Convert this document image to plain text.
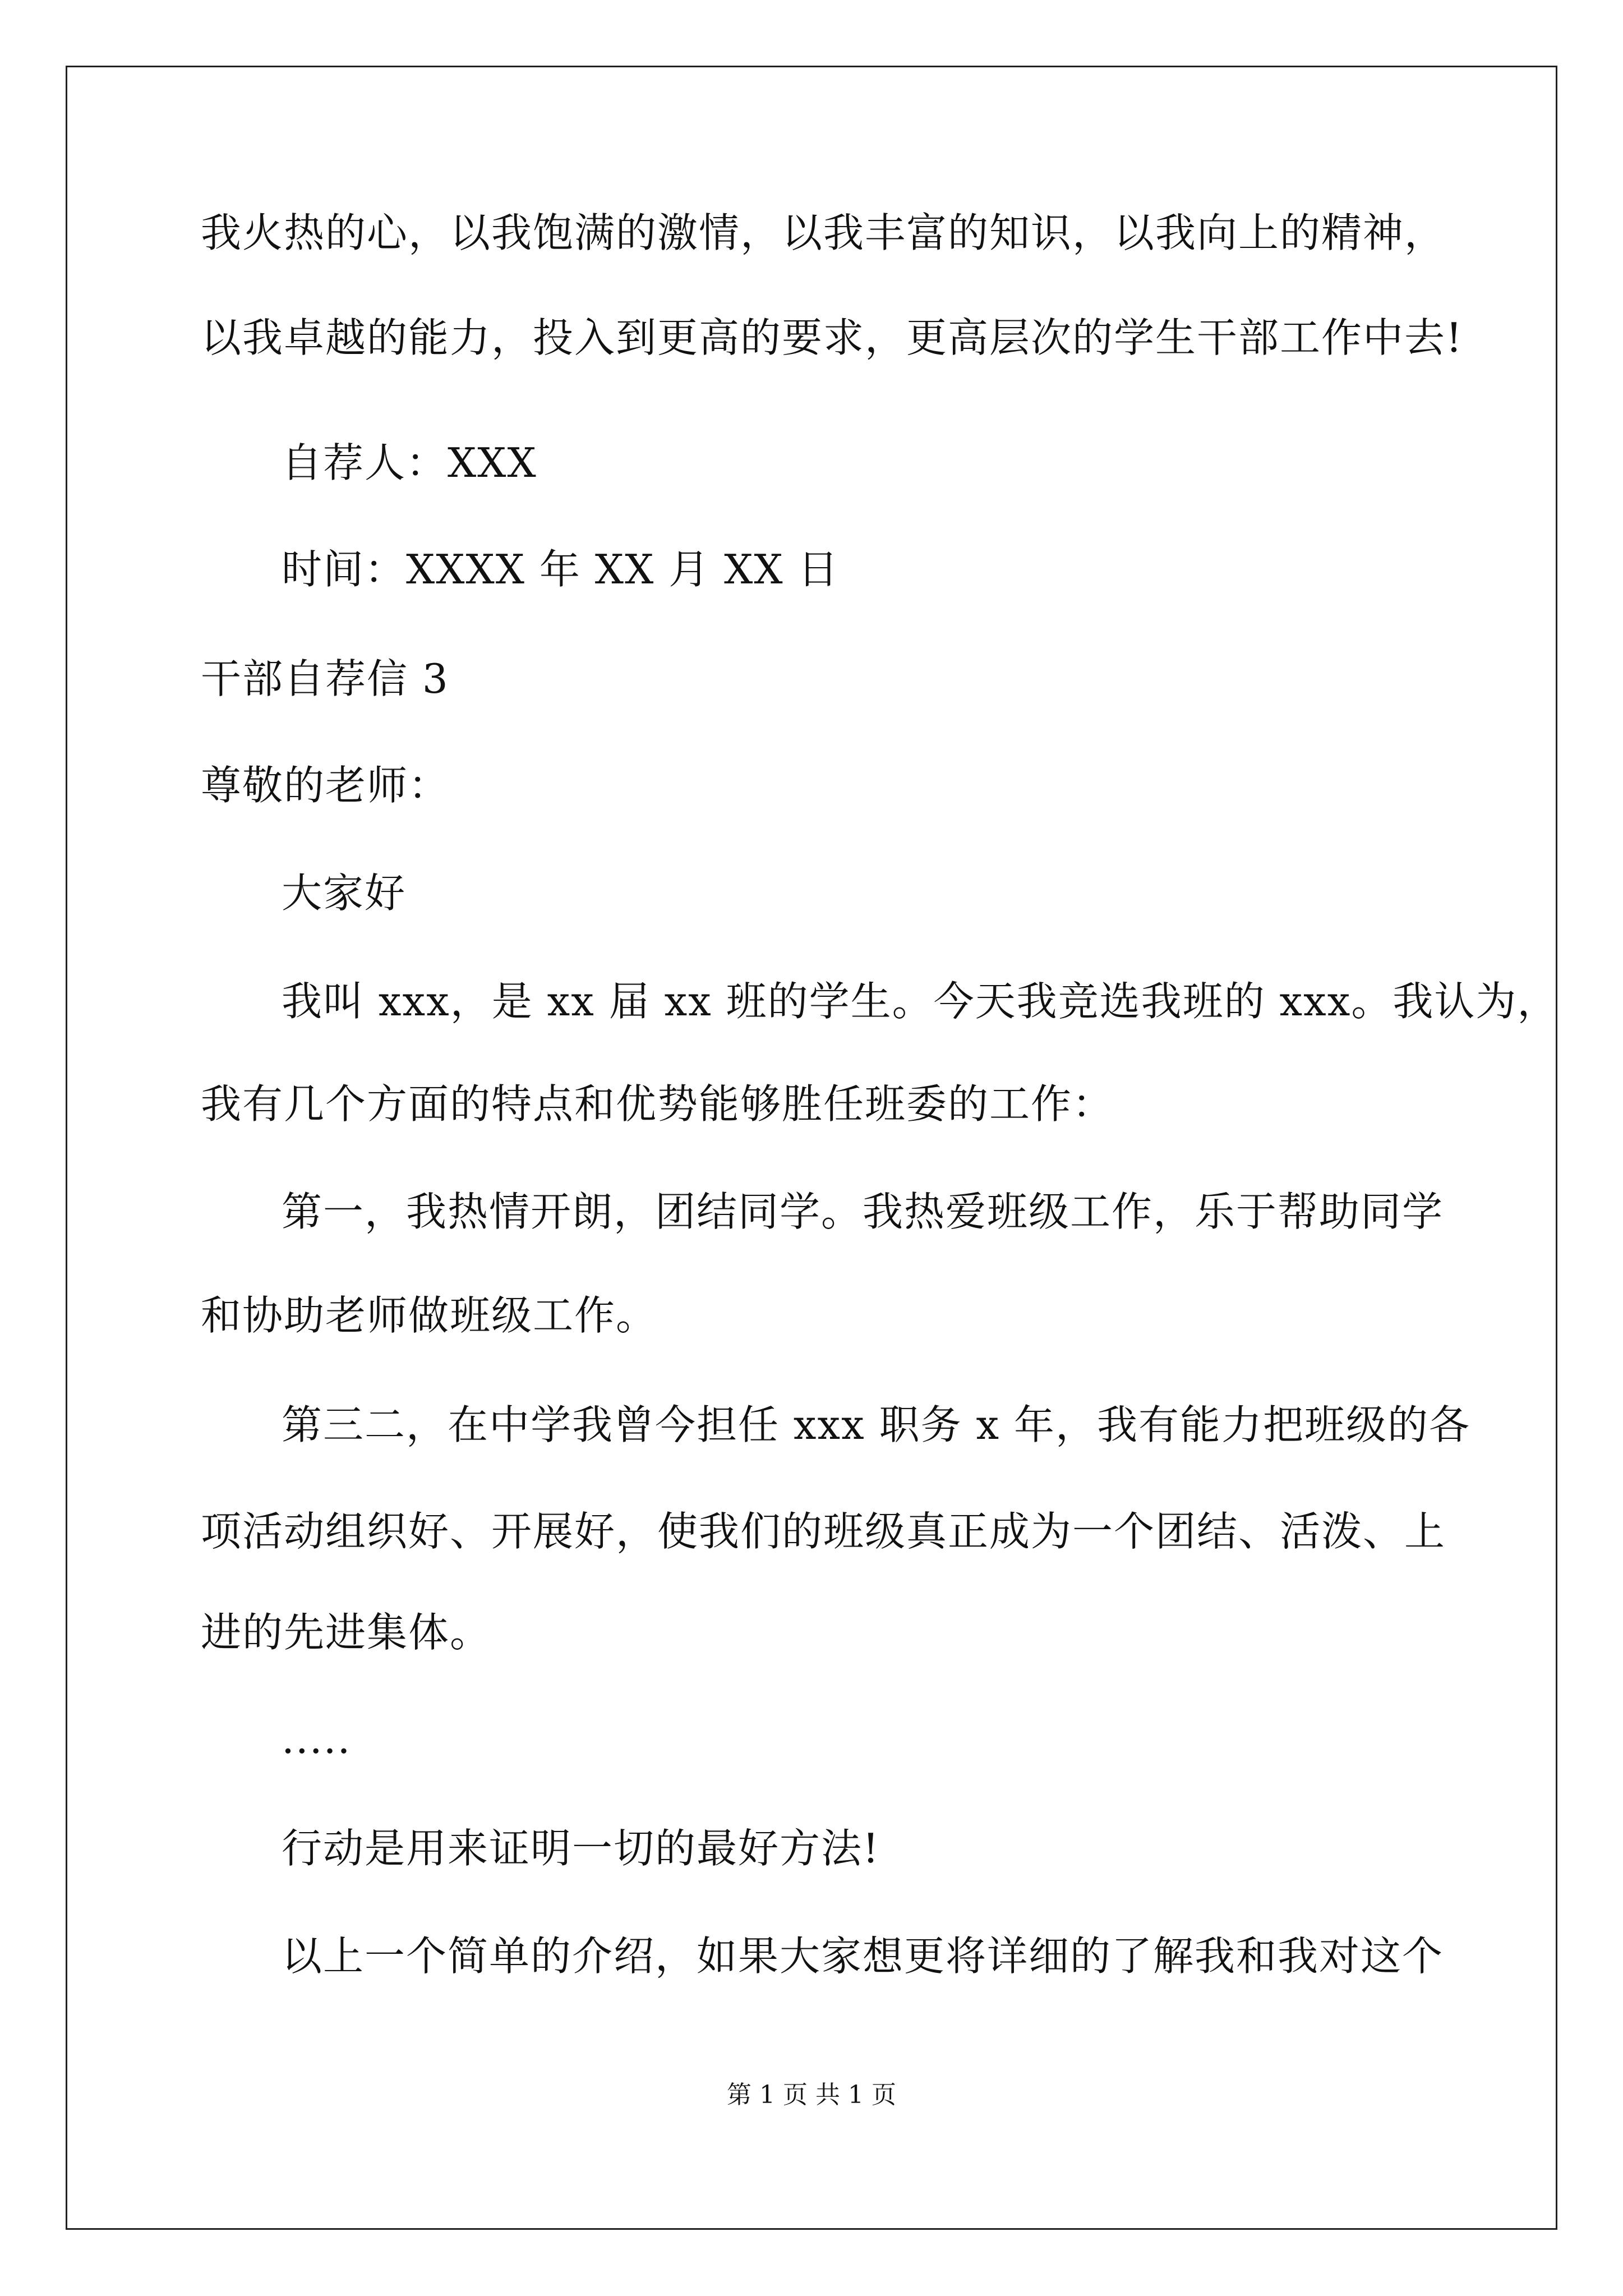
我火热的心，以我饱满的激情，以我丰富的知识，以我向上的精神，
以我卓越的能力，投入到更高的要求，更高层次的学生干部工作中去!
自荐人：XXX
时间：XXXX 年 XX 月 XX 日
干部自荐信 3
尊敬的老师：
大家好
我叫 xxx，是 xx 届 xx 班的学生。今天我竞选我班的 xxx。我认为，
我有几个方面的特点和优势能够胜任班委的工作：
第一，我热情开朗，团结同学。我热爱班级工作，乐于帮助同学
和协助老师做班级工作。
第三二，在中学我曾今担任 xxx 职务 x 年，我有能力把班级的各
项活动组织好、开展好，使我们的班级真正成为一个团结、活泼、上
进的先进集体。
.....
行动是用来证明一切的最好方法!
以上一个简单的介绍，如果大家想更将详细的了解我和我对这个
第 1 页 共 1 页
